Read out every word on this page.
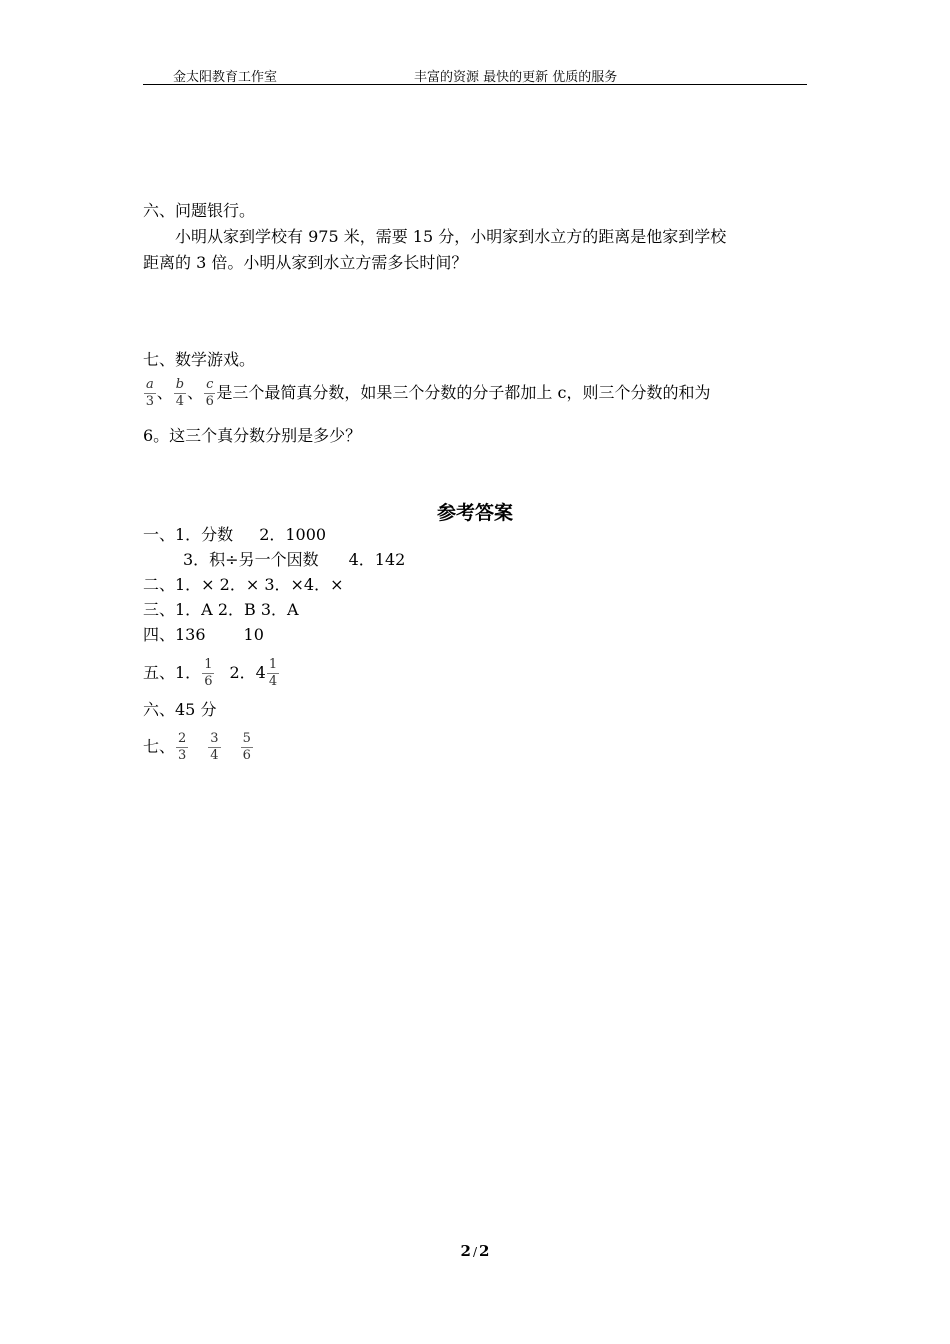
金太阳教育工作室	丰富的资源 最快的更新 优质的服务
六、问题银行。
小明从家到学校有 975 米，需要 15 分，小明家到水立方的距离是他家到学校
距离的 3 倍。小明从家到水立方需多长时间？
七、数学游戏。
$\frac{a}{3}$ 、 $\frac{b}{4}$ 、 $\frac{c}{6}$ 是三个最简真分数，如果三个分数的分子都加上 c，则三个分数的和为
6。这三个真分数分别是多少？
参考答案
一、1．分数 2．1000
3．积÷另一个因数 4．142
二、1．× 2．× 3．×4．×
三、1．A 2．B 3．A
四、136 10
五、1． $\frac{1}{6} 2$．$4 \frac{1}{4}$
六、45 分
七、 $\frac{2}{3} \frac{3}{4} \frac{5}{6}$
2 / 2
